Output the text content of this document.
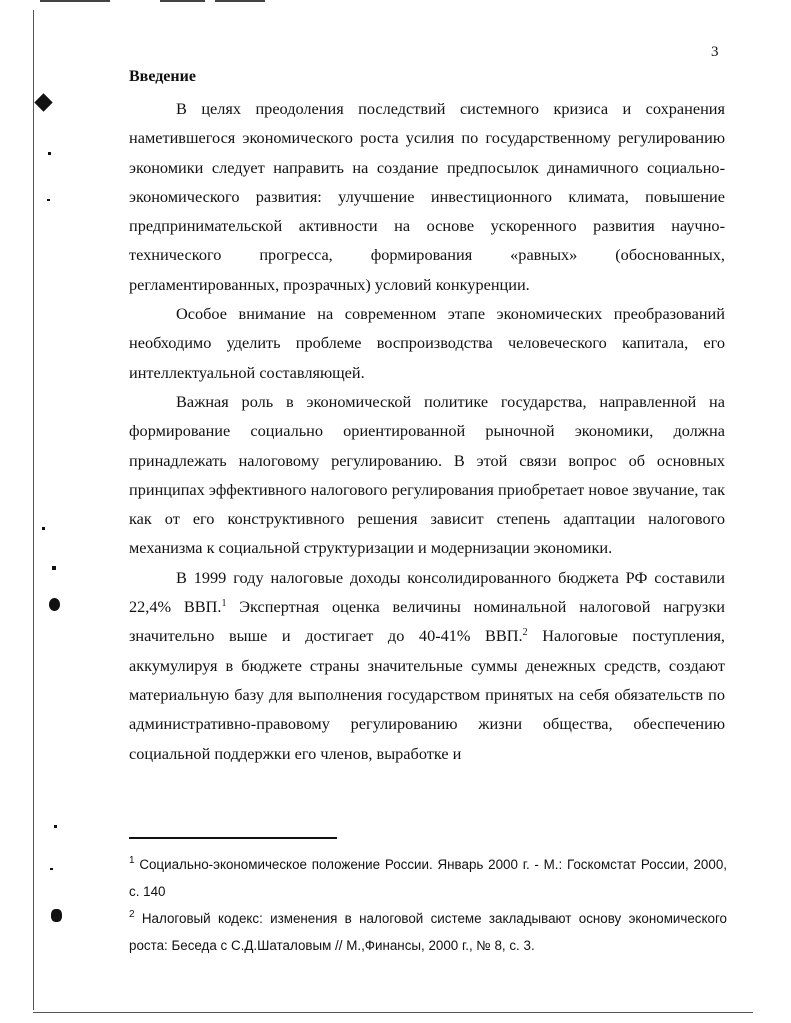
3
Введение

В целях преодоления последствий системного кризиса и сохранения наметившегося экономического роста усилия по государственному регулированию экономики следует направить на создание предпосылок динамичного социально-экономического развития: улучшение инвестиционного климата, повышение предпринимательской активности на основе ускоренного развития научно-технического прогресса, формирования «равных» (обоснованных, регламентированных, прозрачных) условий конкуренции.

Особое внимание на современном этапе экономических преобразований необходимо уделить проблеме воспроизводства человеческого капитала, его интеллектуальной составляющей.

Важная роль в экономической политике государства, направленной на формирование социально ориентированной рыночной экономики, должна принадлежать налоговому регулированию. В этой связи вопрос об основных принципах эффективного налогового регулирования приобретает новое звучание, так как от его конструктивного решения зависит степень адаптации налогового механизма к социальной структуризации и модернизации экономики.

В 1999 году налоговые доходы консолидированного бюджета РФ составили 22,4% ВВП.$^1$ Экспертная оценка величины номинальной налоговой нагрузки значительно выше и достигает до 40-41% ВВП.$^2$ Налоговые поступления, аккумулируя в бюджете страны значительные суммы денежных средств, создают материальную базу для выполнения государством принятых на себя обязательств по административно-правовому регулированию жизни общества, обеспечению социальной поддержки его членов, выработке и

$^1$ Социально-экономическое положение России. Январь 2000 г. - М.: Госкомстат России, 2000, с. 140

$^2$ Налоговый кодекс: изменения в налоговой системе закладывают основу экономического роста: Беседа с С.Д.Шаталовым // М.,Финансы, 2000 г., № 8, с. 3.
